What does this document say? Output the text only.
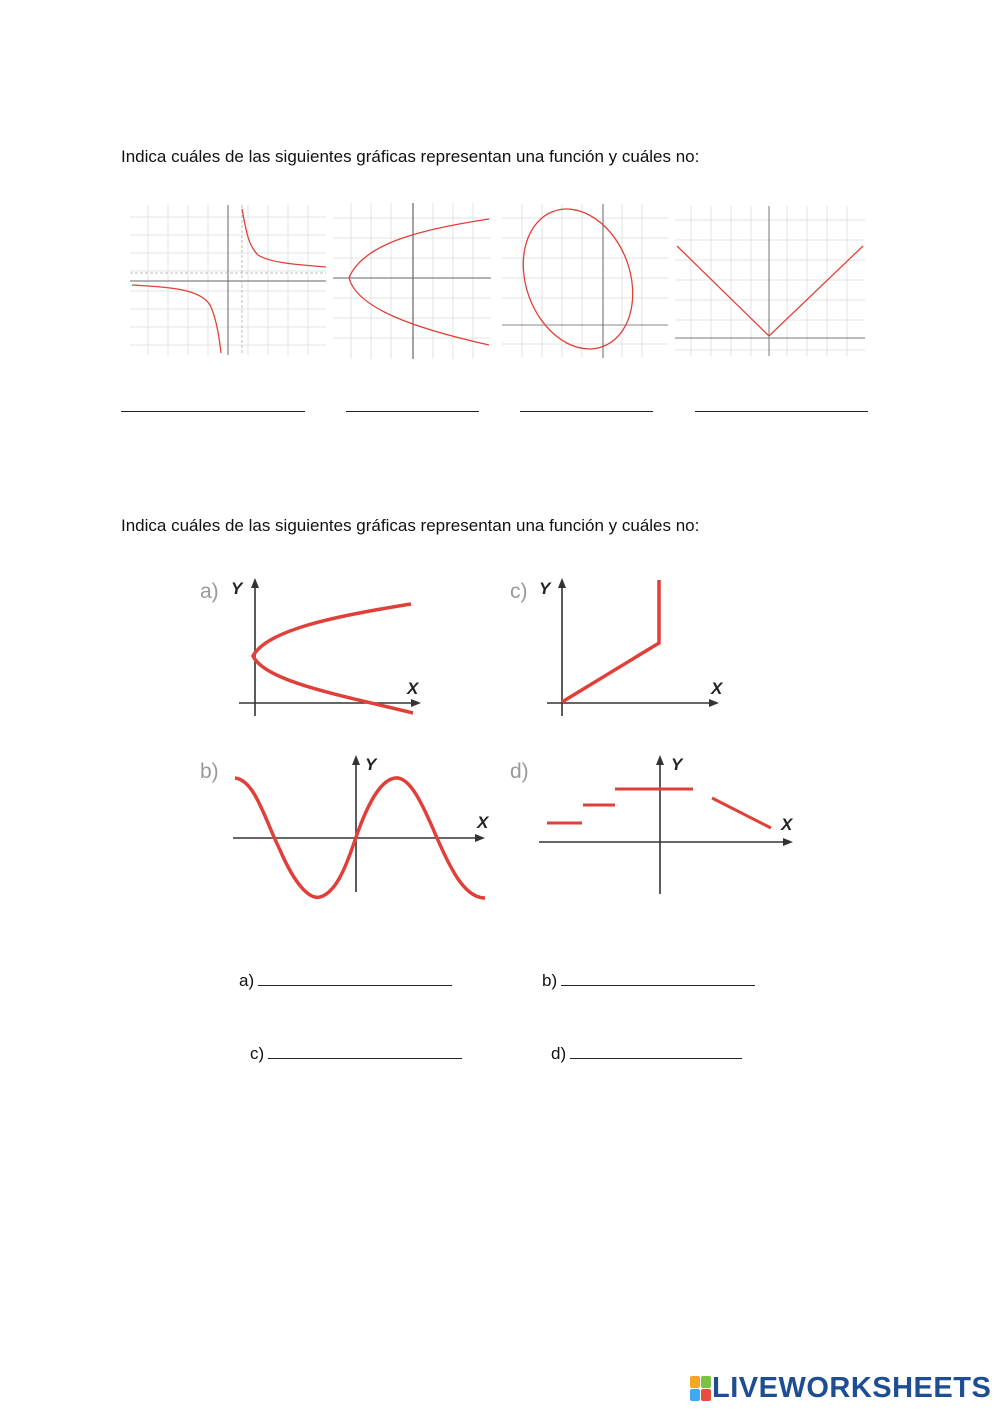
Indica cuáles de las siguientes gráficas representan una función y cuáles no:
Indica cuáles de las siguientes gráficas representan una función y cuáles no:
a) Y
X
c) Y
X
b)	Y
X
d)	Y
X
a)	b)
c)	d)
LIVEWORKSHEETS
